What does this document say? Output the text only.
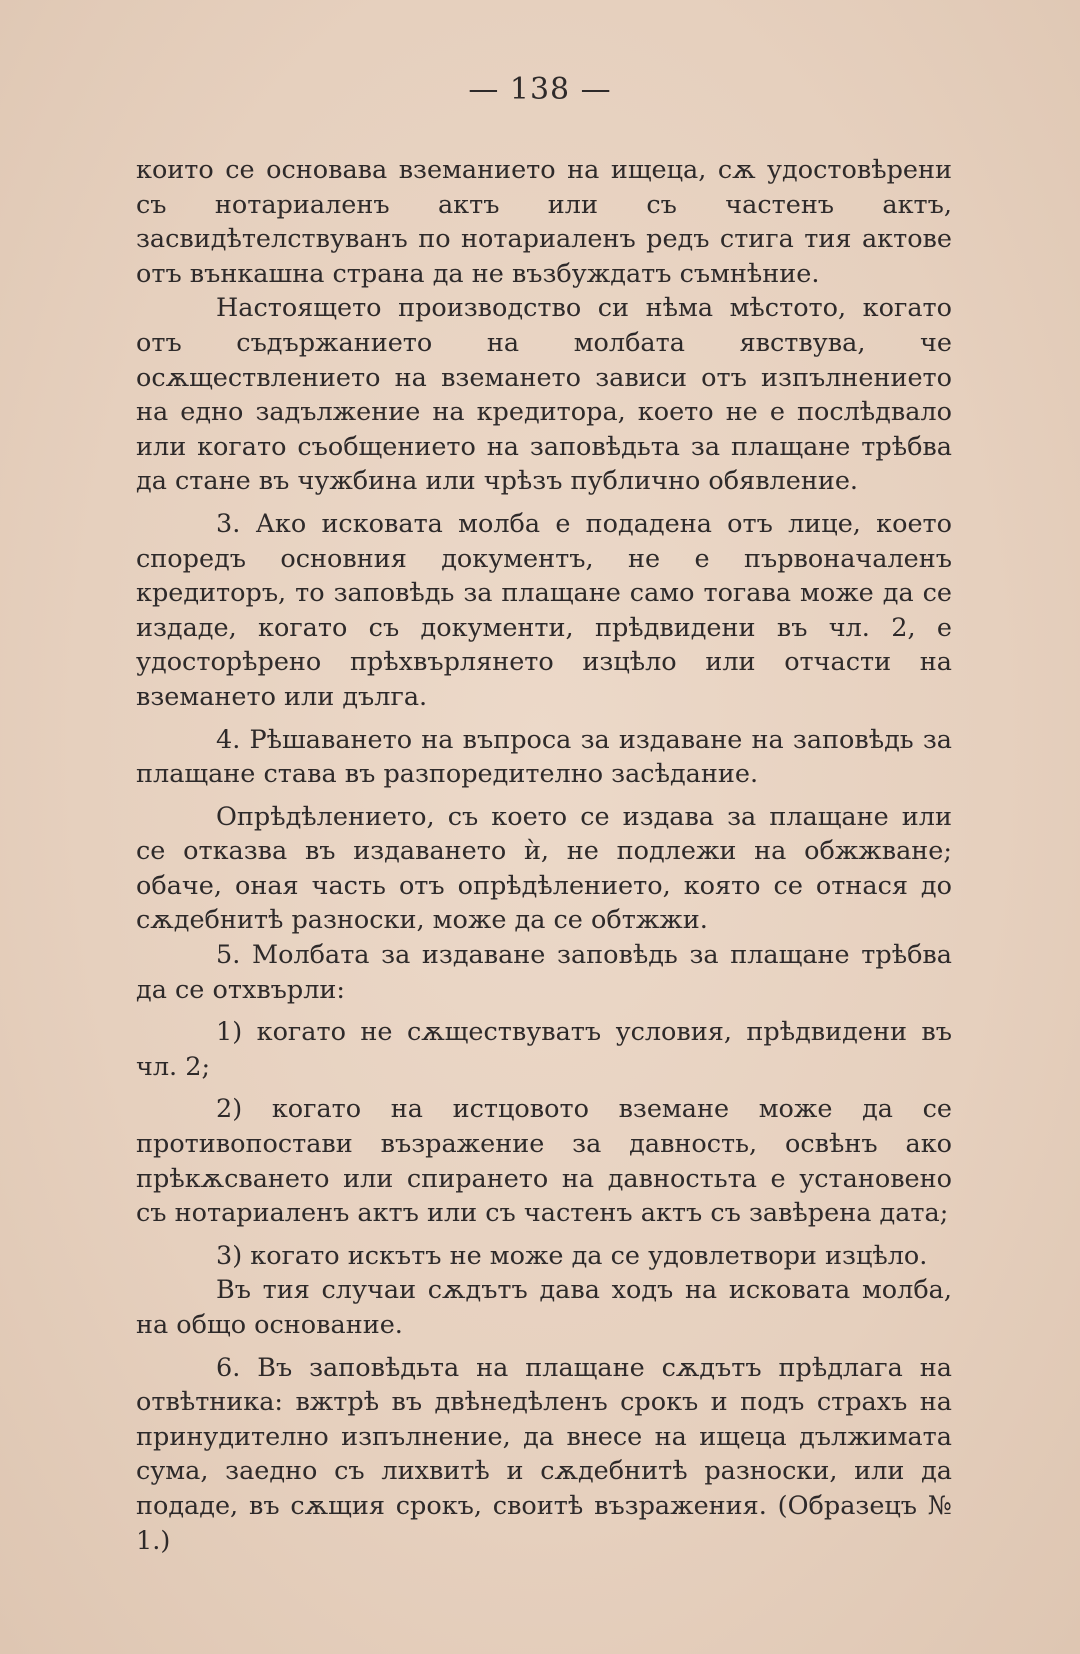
— 138 —

които се основава вземанието на ищеца, сѫ удостовѣрени съ нотариаленъ актъ или съ частенъ актъ, засвидѣтелствуванъ по нотариаленъ редъ стига тия актове отъ вънкашна страна да не възбуждатъ съмнѣние.

Настоящето производство си нѣма мѣстото, когато отъ съдържанието на молбата явствува, че осѫществлението на вземането зависи отъ изпълнението на едно задължение на кредитора, което не е послѣдвало или когато съобщението на заповѣдьта за плащане трѣбва да стане въ чужбина или чрѣзъ публично обявление.

3. Ако исковата молба е подадена отъ лице, което споредъ основния документъ, не е първоначаленъ кредиторъ, то заповѣдь за плащане само тогава може да се издаде, когато съ документи, прѣдвидени въ чл. 2, е удосторѣрено прѣхвърлянето изцѣло или отчасти на вземането или дълга.

4. Рѣшаването на въпроса за издаване на заповѣдь за плащане става въ разпоредително засѣдание.

Опрѣдѣлението, съ което се издава за плащане или се отказва въ издаването ѝ, не подлежи на обжжване; обаче, оная часть отъ опрѣдѣлението, която се отнася до сѫдебнитѣ разноски, може да се обтжжи.

5. Молбата за издаване заповѣдь за плащане трѣбва да се отхвърли:

1) когато не сѫществуватъ условия, прѣдвидени въ чл. 2;

2) когато на истцовото вземане може да се противопостави възражение за давность, освѣнъ ако прѣкѫсването или спирането на давностьта е установено съ нотариаленъ актъ или съ частенъ актъ съ завѣрена дата;

3) когато искътъ не може да се удовлетвори изцѣло.

Въ тия случаи сѫдътъ дава ходъ на исковата молба, на общо основание.

6. Въ заповѣдьта на плащане сѫдътъ прѣдлага на отвѣтника: вжтрѣ въ двѣнедѣленъ срокъ и подъ страхъ на принудително изпълнение, да внесе на ищеца дължимата сума, заедно съ лихвитѣ и сѫдебнитѣ разноски, или да подаде, въ сѫщия срокъ, своитѣ възражения. (Образецъ № 1.)
